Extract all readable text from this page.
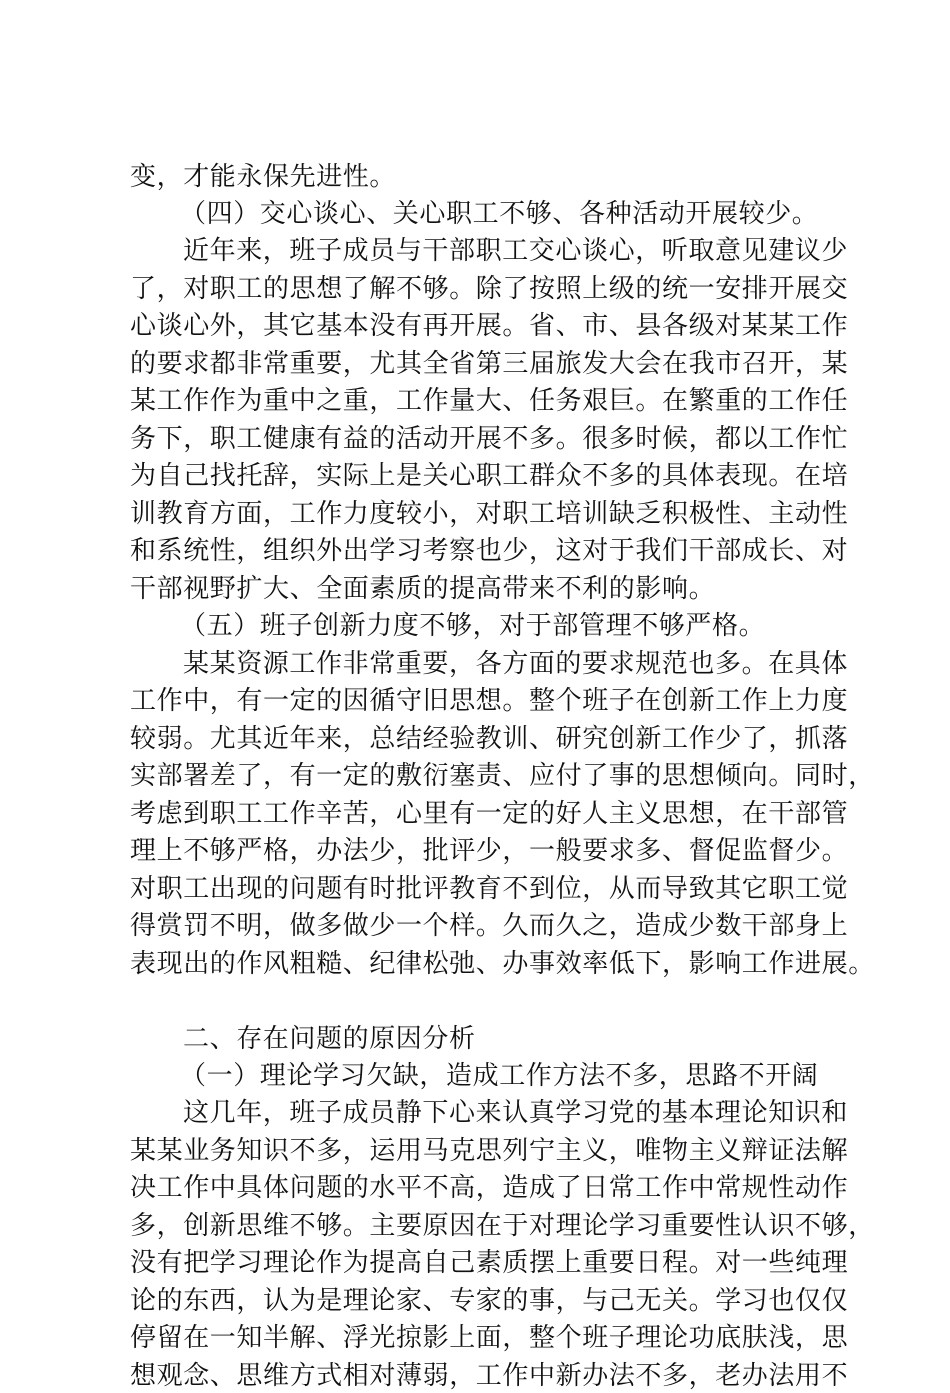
变，才能永保先进性。
（四）交心谈心、关心职工不够、各种活动开展较少。
近年来，班子成员与干部职工交心谈心，听取意见建议少
了，对职工的思想了解不够。除了按照上级的统一安排开展交
心谈心外，其它基本没有再开展。省、市、县各级对某某工作
的要求都非常重要，尤其全省第三届旅发大会在我市召开，某
某工作作为重中之重，工作量大、任务艰巨。在繁重的工作任
务下，职工健康有益的活动开展不多。很多时候，都以工作忙
为自己找托辞，实际上是关心职工群众不多的具体表现。在培
训教育方面，工作力度较小，对职工培训缺乏积极性、主动性
和系统性，组织外出学习考察也少，这对于我们干部成长、对
干部视野扩大、全面素质的提高带来不利的影响。
（五）班子创新力度不够，对于部管理不够严格。
某某资源工作非常重要，各方面的要求规范也多。在具体
工作中，有一定的因循守旧思想。整个班子在创新工作上力度
较弱。尤其近年来，总结经验教训、研究创新工作少了，抓落
实部署差了，有一定的敷衍塞责、应付了事的思想倾向。同时，
考虑到职工工作辛苦，心里有一定的好人主义思想，在干部管
理上不够严格，办法少，批评少，一般要求多、督促监督少。
对职工出现的问题有时批评教育不到位，从而导致其它职工觉
得赏罚不明，做多做少一个样。久而久之，造成少数干部身上
表现出的作风粗糙、纪律松弛、办事效率低下，影响工作进展。
二、存在问题的原因分析
（一）理论学习欠缺，造成工作方法不多，思路不开阔
这几年，班子成员静下心来认真学习党的基本理论知识和
某某业务知识不多，运用马克思列宁主义，唯物主义辩证法解
决工作中具体问题的水平不高，造成了日常工作中常规性动作
多，创新思维不够。主要原因在于对理论学习重要性认识不够，
没有把学习理论作为提高自己素质摆上重要日程。对一些纯理
论的东西，认为是理论家、专家的事，与己无关。学习也仅仅
停留在一知半解、浮光掠影上面，整个班子理论功底肤浅，思
想观念、思维方式相对薄弱，工作中新办法不多，老办法用不
